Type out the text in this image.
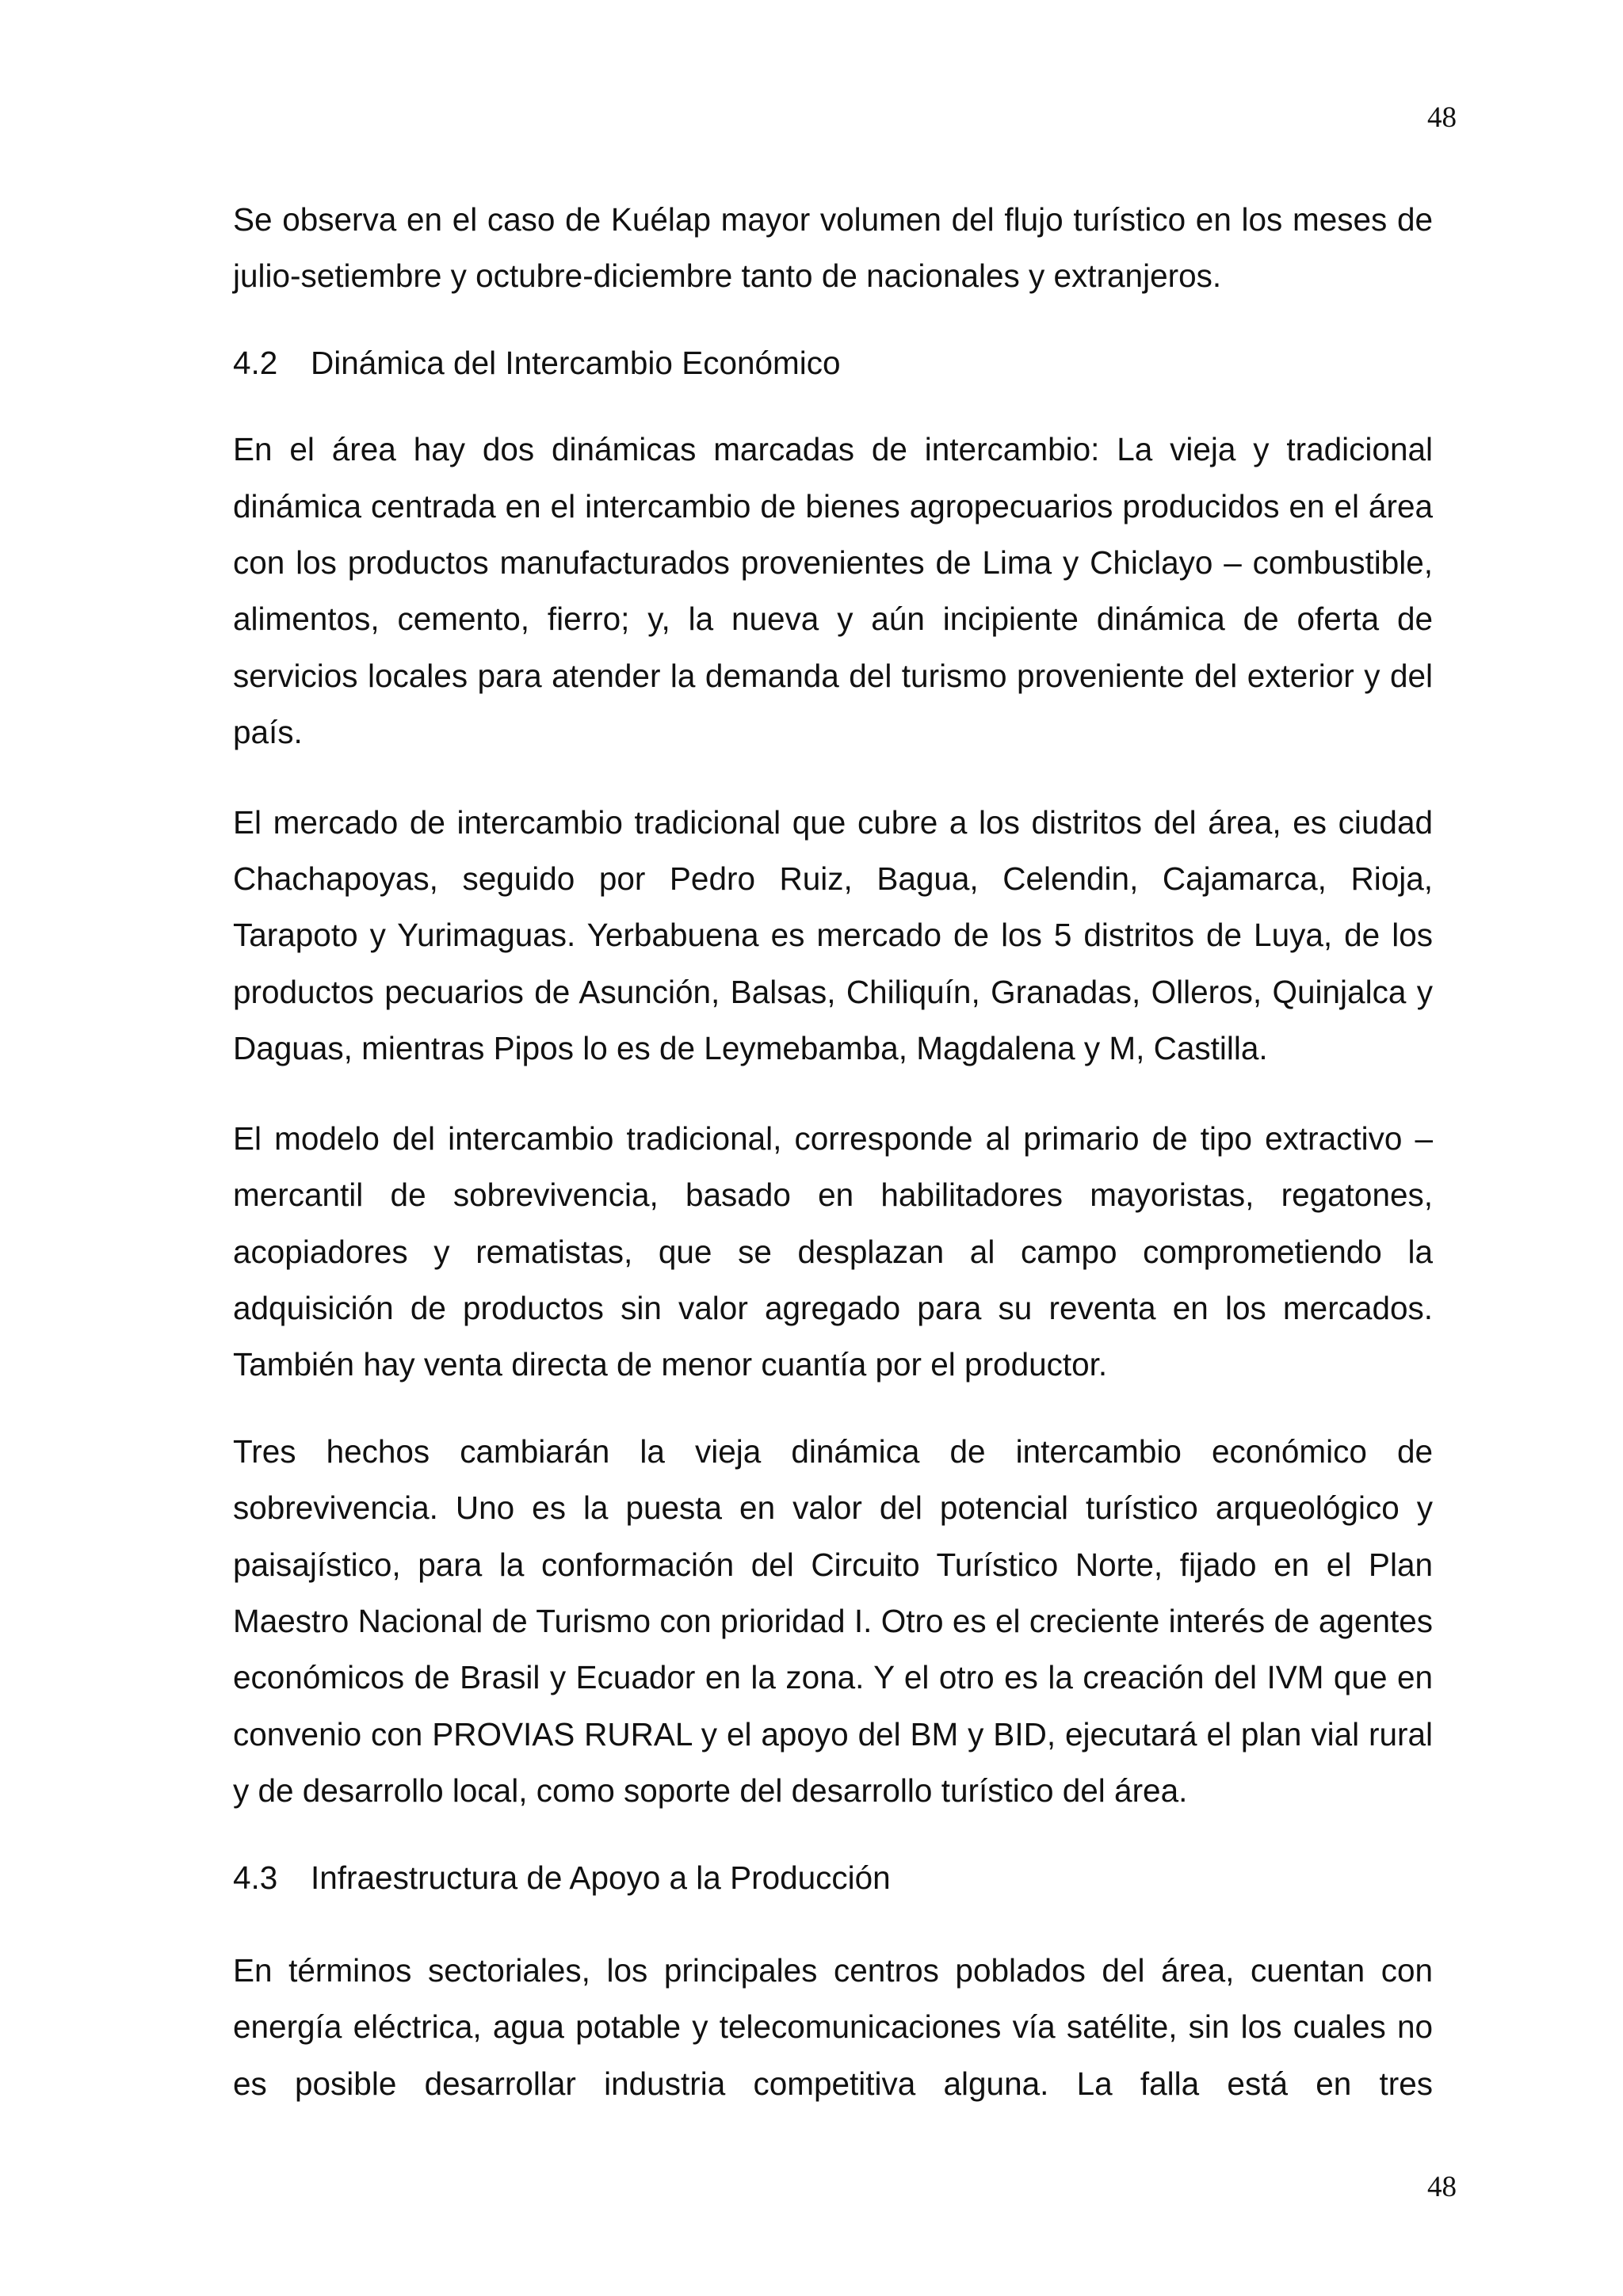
48

Se observa en el caso de Kuélap mayor volumen del flujo turístico en los meses de julio-setiembre y octubre-diciembre tanto de nacionales y extranjeros.

4.2	Dinámica del Intercambio Económico

En el área hay dos dinámicas marcadas de intercambio: La vieja y tradicional dinámica centrada en el intercambio de bienes agropecuarios producidos en el área con los productos manufacturados provenientes de Lima y Chiclayo – combustible, alimentos, cemento, fierro; y, la nueva y aún incipiente dinámica de oferta de servicios locales para atender la demanda del turismo proveniente del exterior y del país.

El mercado de intercambio tradicional que cubre a los distritos del área, es ciudad Chachapoyas, seguido por Pedro Ruiz, Bagua, Celendin, Cajamarca, Rioja, Tarapoto y Yurimaguas. Yerbabuena es mercado de los 5 distritos de Luya, de los productos pecuarios de Asunción, Balsas, Chiliquín, Granadas, Olleros, Quinjalca y Daguas, mientras Pipos lo es de Leymebamba, Magdalena y M, Castilla.

El modelo del intercambio tradicional, corresponde al primario de tipo extractivo – mercantil de sobrevivencia, basado en habilitadores mayoristas, regatones, acopiadores y rematistas, que se desplazan al campo comprometiendo la adquisición de productos sin valor agregado para su reventa en los mercados. También hay venta directa de menor cuantía por el productor.

Tres hechos cambiarán la vieja dinámica de intercambio económico de sobrevivencia. Uno es la puesta en valor del potencial turístico arqueológico y paisajístico, para la conformación del Circuito Turístico Norte, fijado en el Plan Maestro Nacional de Turismo con prioridad I. Otro es el creciente interés de agentes económicos de Brasil y Ecuador en la zona. Y el otro es la creación del IVM que en convenio con PROVIAS RURAL y el apoyo del BM y BID, ejecutará el plan vial rural y de desarrollo local, como soporte del desarrollo turístico del área.

4.3	Infraestructura de Apoyo a la Producción

En términos sectoriales, los principales centros poblados del área, cuentan con energía eléctrica, agua potable y telecomunicaciones vía satélite, sin los cuales no es posible desarrollar industria competitiva alguna. La falla está en tres

48
